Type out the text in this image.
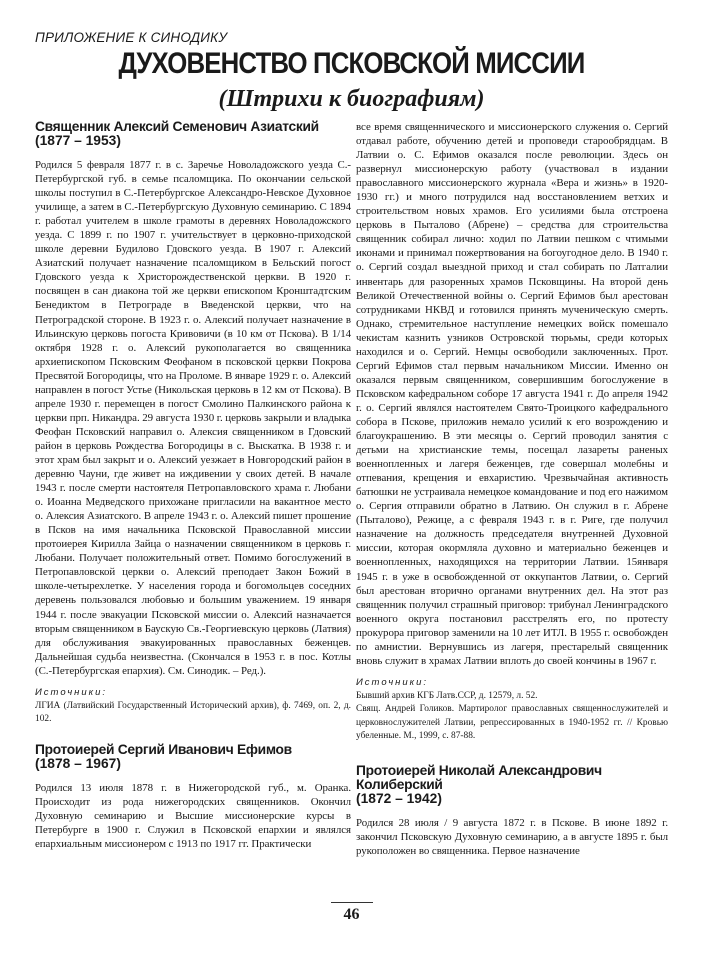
ПРИЛОЖЕНИЕ К СИНОДИКУ
ДУХОВЕНСТВО ПСКОВСКОЙ МИССИИ
(Штрихи к биографиям)
Священник Алексий Семенович Азиатский
(1877 – 1953)

Родился 5 февраля 1877 г. в с. Заречье Новоладожского уезда С.-Петербургской губ. в семье псаломщика. По окончании сельской школы поступил в С.-Петербургское Александро-Невское Духовное училище, а затем в С.-Петербургскую Духовную семинарию. С 1894 г. работал учителем в школе грамоты в деревнях Новоладожского уезда. С 1899 г. по 1907 г. учительствует в церковно-приходской школе деревни Будилово Гдовского уезда. В 1907 г. Алексий Азиатский получает назначение псаломщиком в Бельский погост Гдовского уезда к Христорождественской церкви. В 1920 г. посвящен в сан диакона той же церкви епископом Кронштадтским Бенедиктом в Петрограде в Введенской церкви, что на Петроградской стороне. В 1923 г. о. Алексий получает назначение в Ильинскую церковь погоста Кривовичи (в 10 км от Пскова). В 1/14 октября 1928 г. о. Алексий рукополагается во священника архиепископом Псковским Феофаном в псковской церкви Покрова Пресвятой Богородицы, что на Проломе. В январе 1929 г. о. Алексий направлен в погост Устье (Никольская церковь в 12 км от Пскова). В апреле 1930 г. перемещен в погост Смолино Палкинского района к церкви прп. Никандра. 29 августа 1930 г. церковь закрыли и владыка Феофан Псковский направил о. Алексия священником в Гдовский район в церковь Рождества Богородицы в с. Выскатка. В 1938 г. и этот храм был закрыт и о. Алексий уезжает в Новгородский район в деревню Чауни, где живет на иждивении у своих детей. В начале 1943 г. после смерти настоятеля Петропавловского храма г. Любани о. Иоанна Медведского прихожане пригласили на вакантное место о. Алексия Азиатского. В апреле 1943 г. о. Алексий пишет прошение в Псков на имя начальника Псковской Православной миссии протоиерея Кирилла Зайца о назначении священником в церковь г. Любани. Получает положительный ответ. Помимо богослужений в Петропавловской церкви о. Алексий преподает Закон Божий в школе-четырехлетке. У населения города и богомольцев соседних деревень пользовался любовью и большим уважением. 19 января 1944 г. после эвакуации Псковской миссии о. Алексий назначается вторым священником в Баускую Св.-Георгиевскую церковь (Латвия) для обслуживания эвакуированных православных беженцев. Дальнейшая судьба неизвестна. (Скончался в 1953 г. в пос. Котлы (С.-Петербургская епархия). См. Синодик. – Ред.).

Источники:

ЛГИА (Латвийский Государственный Исторический архив), ф. 7469, оп. 2, д. 102.

Протоиерей Сергий Иванович Ефимов
(1878 – 1967)

Родился 13 июля 1878 г. в Нижегородской губ., м. Оранка. Происходит из рода нижегородских священников. Окончил Духовную семинарию и Высшие миссионерские курсы в Петербурге в 1900 г. Служил в Псковской епархии и являлся епархиальным миссионером с 1913 по 1917 гг. Практически

все время священнического и миссионерского служения о. Сергий отдавал работе, обучению детей и проповеди старообрядцам. В Латвии о. С. Ефимов оказался после революции. Здесь он развернул миссионерскую работу (участвовал в издании православного миссионерского журнала «Вера и жизнь» в 1920-1930 гг.) и много потрудился над восстановлением ветхих и строительством новых храмов. Его усилиями была отстроена церковь в Пыталово (Абрене) – средства для строительства священник собирал лично: ходил по Латвии пешком с чтимыми иконами и принимал пожертвования на богоугодное дело. В 1940 г. о. Сергий создал выездной приход и стал собирать по Латгалии инвентарь для разоренных храмов Псковщины. На второй день Великой Отечественной войны о. Сергий Ефимов был арестован сотрудниками НКВД и готовился принять мученическую смерть. Однако, стремительное наступление немецких войск помешало чекистам казнить узников Островской тюрьмы, среди которых находился и о. Сергий. Немцы освободили заключенных. Прот. Сергий Ефимов стал первым начальником Миссии. Именно он оказался первым священником, совершившим богослужение в Псковском кафедральном соборе 17 августа 1941 г. До апреля 1942 г. о. Сергий являлся настоятелем Свято-Троицкого кафедрального собора в Пскове, приложив немало усилий к его возрождению и благоукрашению. В эти месяцы о. Сергий проводил занятия с детьми на христианские темы, посещал лазареты раненых военнопленных и лагеря беженцев, где совершал молебны и отпевания, крещения и евхаристию. Чрезвычайная активность батюшки не устраивала немецкое командование и под его нажимом о. Сергия отправили обратно в Латвию. Он служил в г. Абрене (Пыталово), Режице, а с февраля 1943 г. в г. Риге, где получил назначение на должность председателя внутренней Духовной миссии, которая окормляла духовно и материально беженцев и военнопленных, находящихся на территории Латвии. 15января 1945 г. в уже в освобожденной от оккупантов Латвии, о. Сергий был арестован вторично органами внутренних дел. На этот раз священник получил страшный приговор: трибунал Ленинградского военного округа постановил расстрелять его, по протесту прокурора приговор заменили на 10 лет ИТЛ. В 1955 г. освобожден по амнистии. Вернувшись из лагеря, престарелый священник вновь служит в храмах Латвии вплоть до своей кончины в 1967 г.

Источники:

Бывший архив КГБ Латв.ССР, д. 12579, л. 52.

Свящ. Андрей Голиков. Мартиролог православных священнослужителей и церковнослужителей Латвии, репрессированных в 1940-1952 гг. // Кровью убеленные. М., 1999, с. 87-88.

Протоиерей Николай Александрович Колиберский
(1872 – 1942)

Родился 28 июля / 9 августа 1872 г. в Пскове. В июне 1892 г. закончил Псковскую Духовную семинарию, а в августе 1895 г. был рукоположен во священника. Первое назначение

46
